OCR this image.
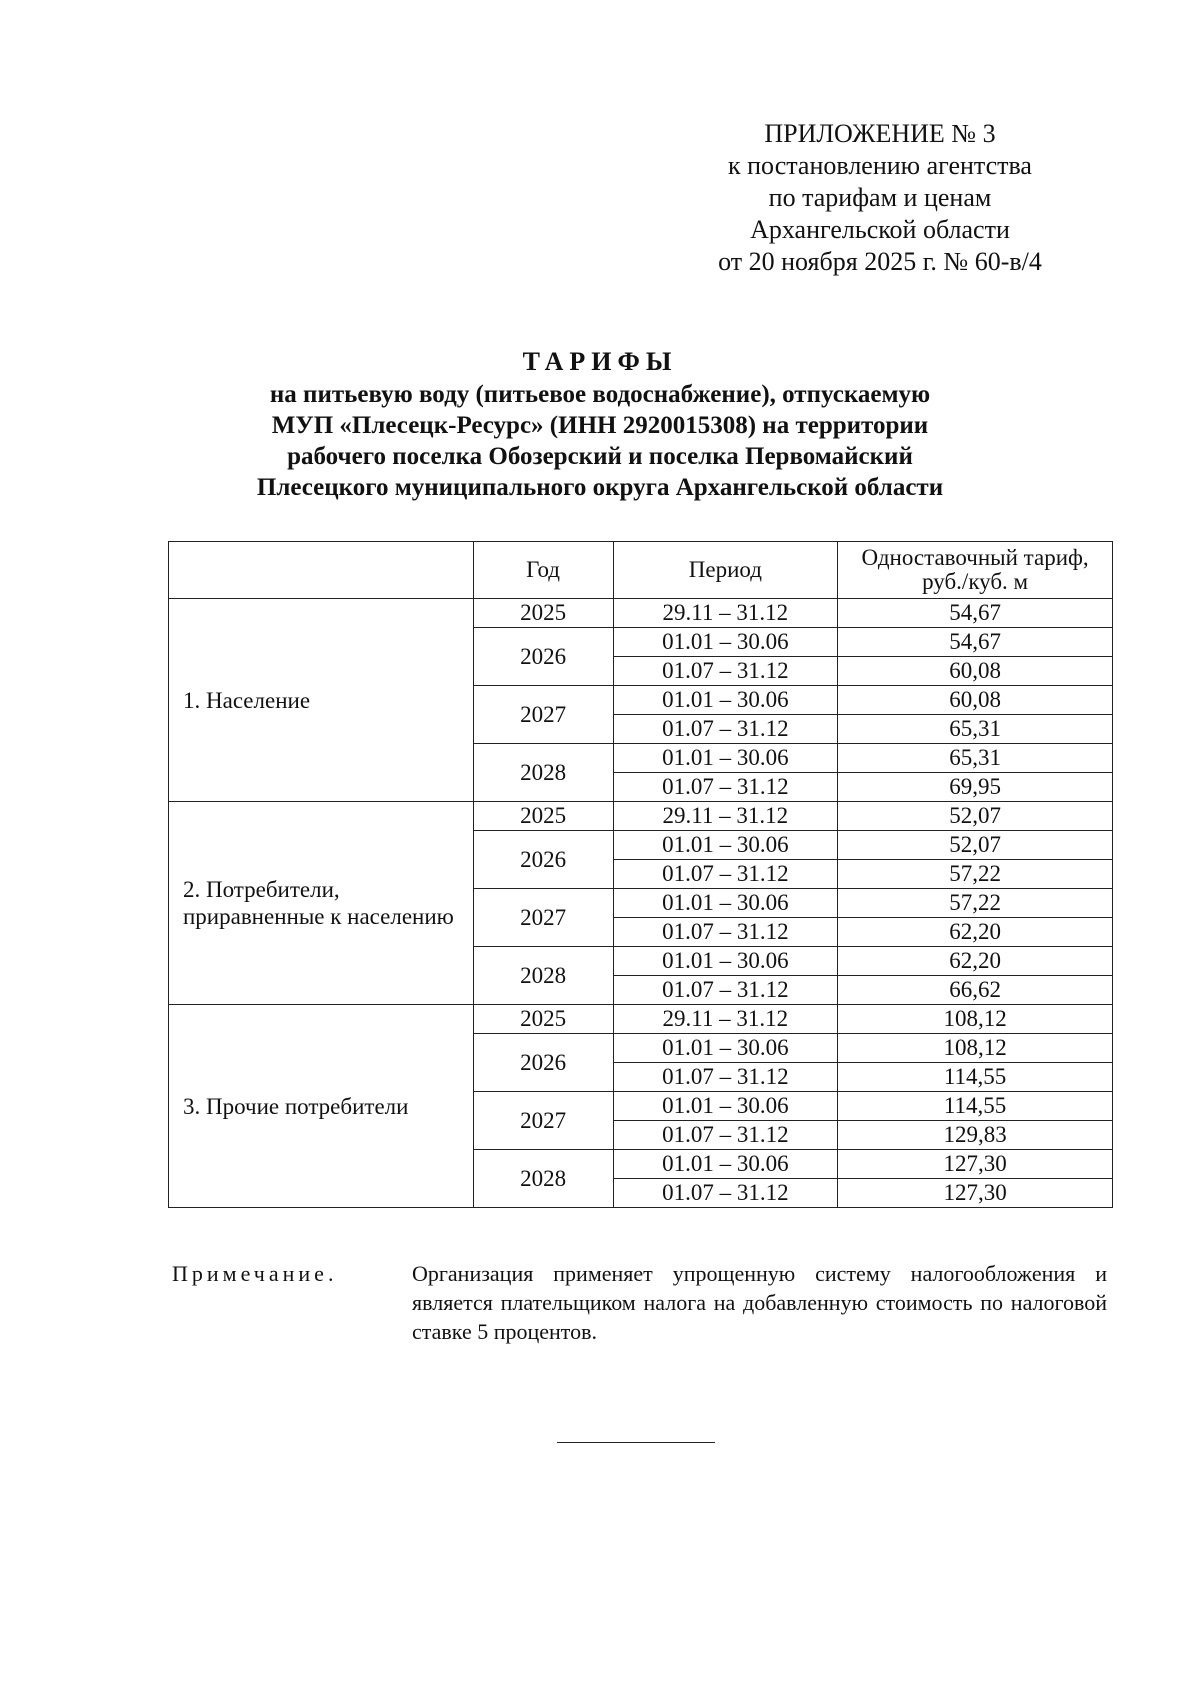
ПРИЛОЖЕНИЕ № 3
к постановлению агентства
по тарифам и ценам
Архангельской области
от 20 ноября 2025 г. № 60-в/4
ТАРИФЫ
на питьевую воду (питьевое водоснабжение), отпускаемую
МУП «Плесецк-Ресурс» (ИНН 2920015308) на территории
рабочего поселка Обозерский и поселка Первомайский
Плесецкого муниципального округа Архангельской области
	Год	Период	Одноставочный тариф,
руб./куб. м

1. Население	2025	29.11 – 31.12	54,67
	2026	01.01 – 30.06	54,67
		01.07 – 31.12	60,08
	2027	01.01 – 30.06	60,08
		01.07 – 31.12	65,31
	2028	01.01 – 30.06	65,31
		01.07 – 31.12	69,95

2. Потребители,
приравненные к населению	2025	29.11 – 31.12	52,07
	2026	01.01 – 30.06	52,07
		01.07 – 31.12	57,22
	2027	01.01 – 30.06	57,22
		01.07 – 31.12	62,20
	2028	01.01 – 30.06	62,20
		01.07 – 31.12	66,62

3. Прочие потребители	2025	29.11 – 31.12	108,12
	2026	01.01 – 30.06	108,12
		01.07 – 31.12	114,55
	2027	01.01 – 30.06	114,55
		01.07 – 31.12	129,83
	2028	01.01 – 30.06	127,30
		01.07 – 31.12	127,30
Примечание.	Организация применяет упрощенную систему налогообложения и является плательщиком налога на добавленную стоимость по налоговой ставке 5 процентов.
